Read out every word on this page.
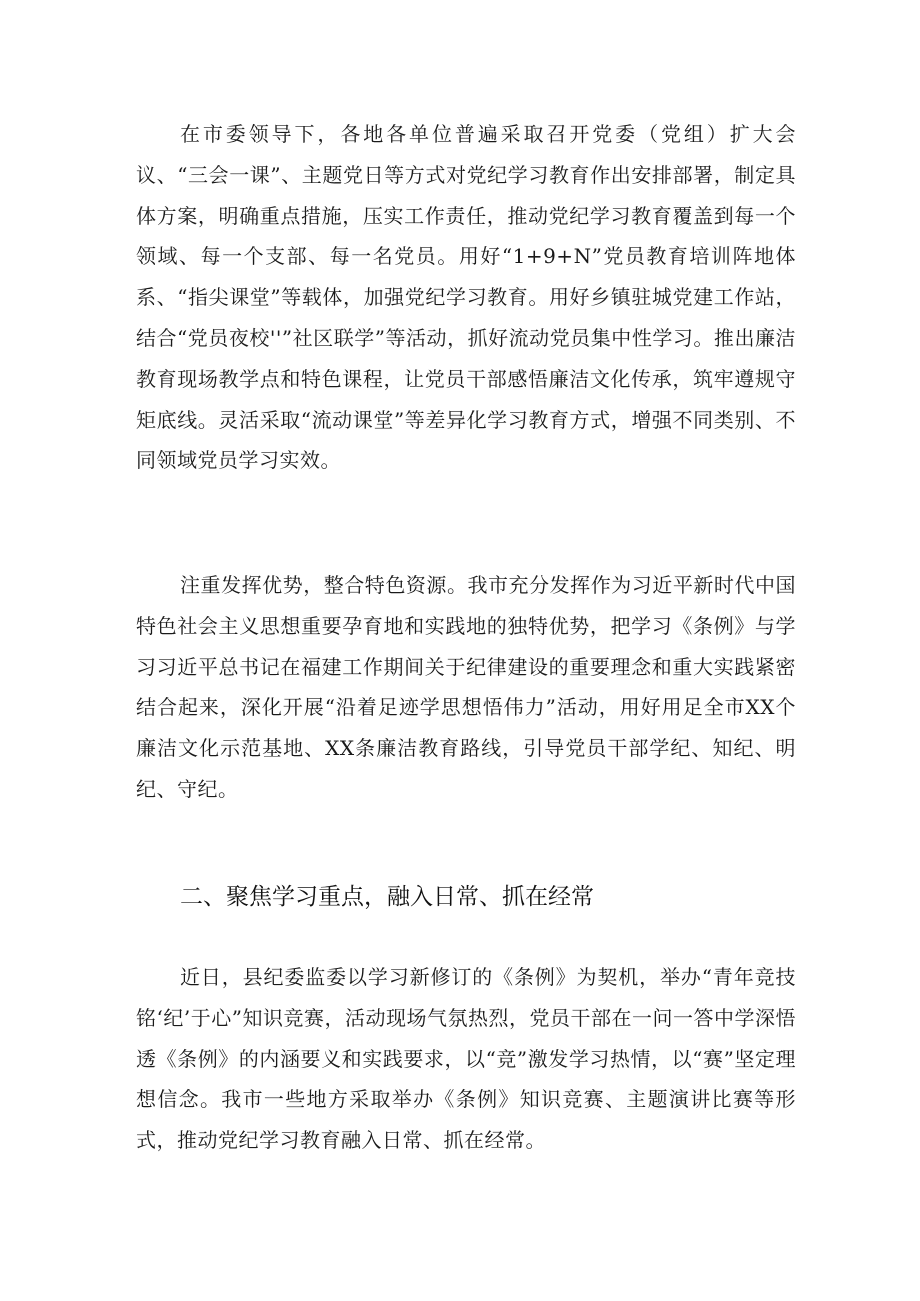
在市委领导下，各地各单位普遍采取召开党委（党组）扩大会议、“三会一课”、主题党日等方式对党纪学习教育作出安排部署，制定具体方案，明确重点措施，压实工作责任，推动党纪学习教育覆盖到每一个领域、每一个支部、每一名党员。用好“1+9+N”党员教育培训阵地体系、“指尖课堂”等载体，加强党纪学习教育。用好乡镇驻城党建工作站，结合“党员夜校''”社区联学”等活动，抓好流动党员集中性学习。推出廉洁教育现场教学点和特色课程，让党员干部感悟廉洁文化传承，筑牢遵规守矩底线。灵活采取“流动课堂”等差异化学习教育方式，增强不同类别、不同领域党员学习实效。

注重发挥优势，整合特色资源。我市充分发挥作为习近平新时代中国特色社会主义思想重要孕育地和实践地的独特优势，把学习《条例》与学习习近平总书记在福建工作期间关于纪律建设的重要理念和重大实践紧密结合起来，深化开展“沿着足迹学思想悟伟力”活动，用好用足全市XX个廉洁文化示范基地、XX条廉洁教育路线，引导党员干部学纪、知纪、明纪、守纪。

二、聚焦学习重点，融入日常、抓在经常

近日，县纪委监委以学习新修订的《条例》为契机，举办“青年竞技铭‘纪’于心”知识竞赛，活动现场气氛热烈，党员干部在一问一答中学深悟透《条例》的内涵要义和实践要求，以“竞”激发学习热情，以“赛”坚定理想信念。我市一些地方采取举办《条例》知识竞赛、主题演讲比赛等形式，推动党纪学习教育融入日常、抓在经常。
